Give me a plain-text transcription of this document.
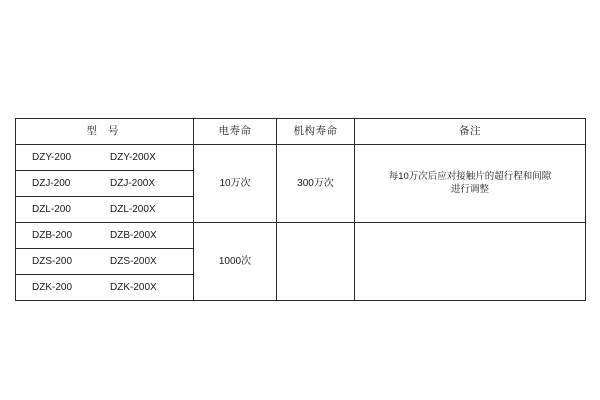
型 号	电寿命	机构寿命	备注

DZY-200 DZY-200X	10万次	300万次	每10万次后应对接触片的超行程和间隙
进行调整

DZJ-200 DZJ-200X			

DZL-200 DZL-200X			

DZB-200 DZB-200X	1000次		

DZS-200 DZS-200X			

DZK-200 DZK-200X			
